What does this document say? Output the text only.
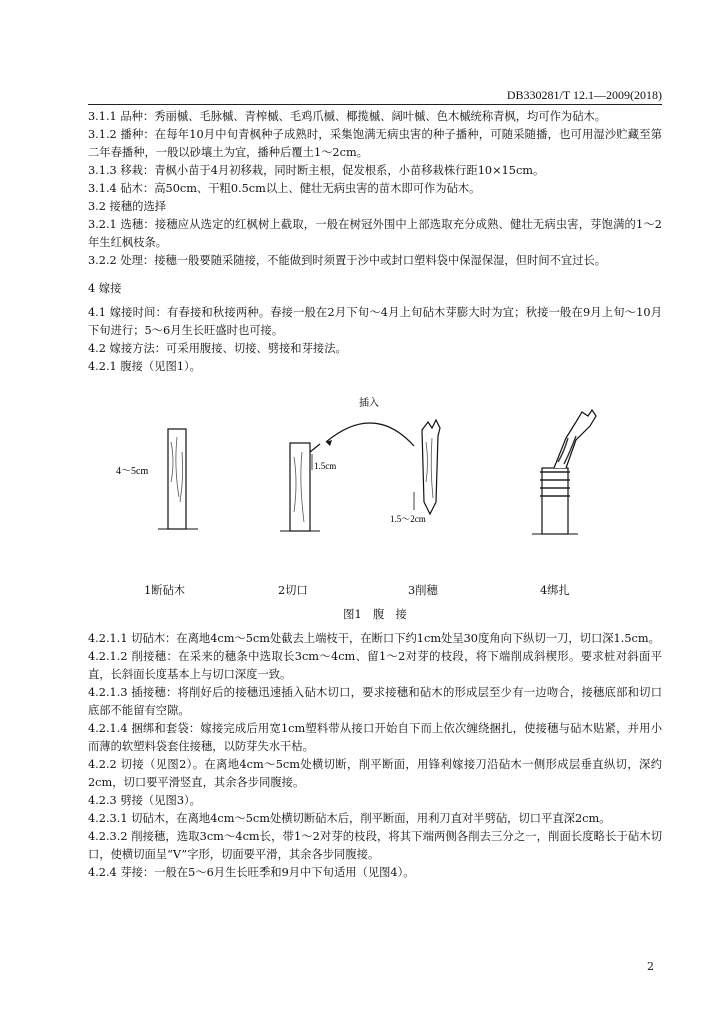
DB330281/T 12.1—2009(2018)

3.1.1 品种：秀丽槭、毛脉槭、青榨槭、毛鸡爪槭、椰揽槭、阔叶槭、色木槭统称青枫，均可作为砧木。

3.1.2 播种：在每年10月中旬青枫种子成熟时，采集饱满无病虫害的种子播种，可随采随播，也可用湿沙贮藏至第二年春播种，一般以砂壤土为宜，播种后覆土1～2cm。

3.1.3 移栽：青枫小苗于4月初移栽，同时断主根，促发根系，小苗移栽株行距10×15cm。

3.1.4 砧木：高50cm、干粗0.5cm以上、健壮无病虫害的苗木即可作为砧木。

3.2 接穗的选择

3.2.1 选穗：接穗应从选定的红枫树上截取，一般在树冠外围中上部选取充分成熟、健壮无病虫害，芽饱满的1～2年生红枫枝条。

3.2.2 处理：接穗一般要随采随接，不能做到时须置于沙中或封口塑料袋中保湿保湿，但时间不宜过长。

4 嫁接

4.1 嫁接时间：有春接和秋接两种。春接一般在2月下旬～4月上旬砧木芽膨大时为宜；秋接一般在9月上旬～10月下旬进行；5～6月生长旺盛时也可接。

4.2 嫁接方法：可采用腹接、切接、劈接和芽接法。

4.2.1 腹接（见图1）。

4～5cm	1.5cm
插入
1.5～2cm
1断砧木	2切口	3削穗	4绑扎
图1　腹　接

4.2.1.1 切砧木：在离地4cm～5cm处截去上端枝干，在断口下约1cm处呈30度角向下纵切一刀，切口深1.5cm。

4.2.1.2 削接穗：在采来的穗条中选取长3cm～4cm、留1～2对芽的枝段，将下端削成斜楔形。要求桩对斜面平直，长斜面长度基本上与切口深度一致。

4.2.1.3 插接穗：将削好后的接穗迅速插入砧木切口，要求接穗和砧木的形成层至少有一边吻合，接穗底部和切口底部不能留有空隙。

4.2.1.4 捆绑和套袋：嫁接完成后用宽1cm塑料带从接口开始自下而上依次缠绕捆扎，使接穗与砧木贴紧，并用小而薄的软塑料袋套住接穗，以防芽失水干枯。

4.2.2 切接（见图2）。在离地4cm～5cm处横切断，削平断面，用锋利嫁接刀沿砧木一侧形成层垂直纵切，深约2cm，切口要平滑竖直，其余各步同腹接。

4.2.3 劈接（见图3）。

4.2.3.1 切砧木，在离地4cm～5cm处横切断砧木后，削平断面，用利刀直对半劈砧，切口平直深2cm。

4.2.3.2 削接穗，选取3cm～4cm长，带1～2对芽的枝段，将其下端两侧各削去三分之一，削面长度略长于砧木切口，使横切面呈“V”字形，切面要平滑，其余各步同腹接。

4.2.4 芽接：一般在5～6月生长旺季和9月中下旬适用（见图4）。

2
